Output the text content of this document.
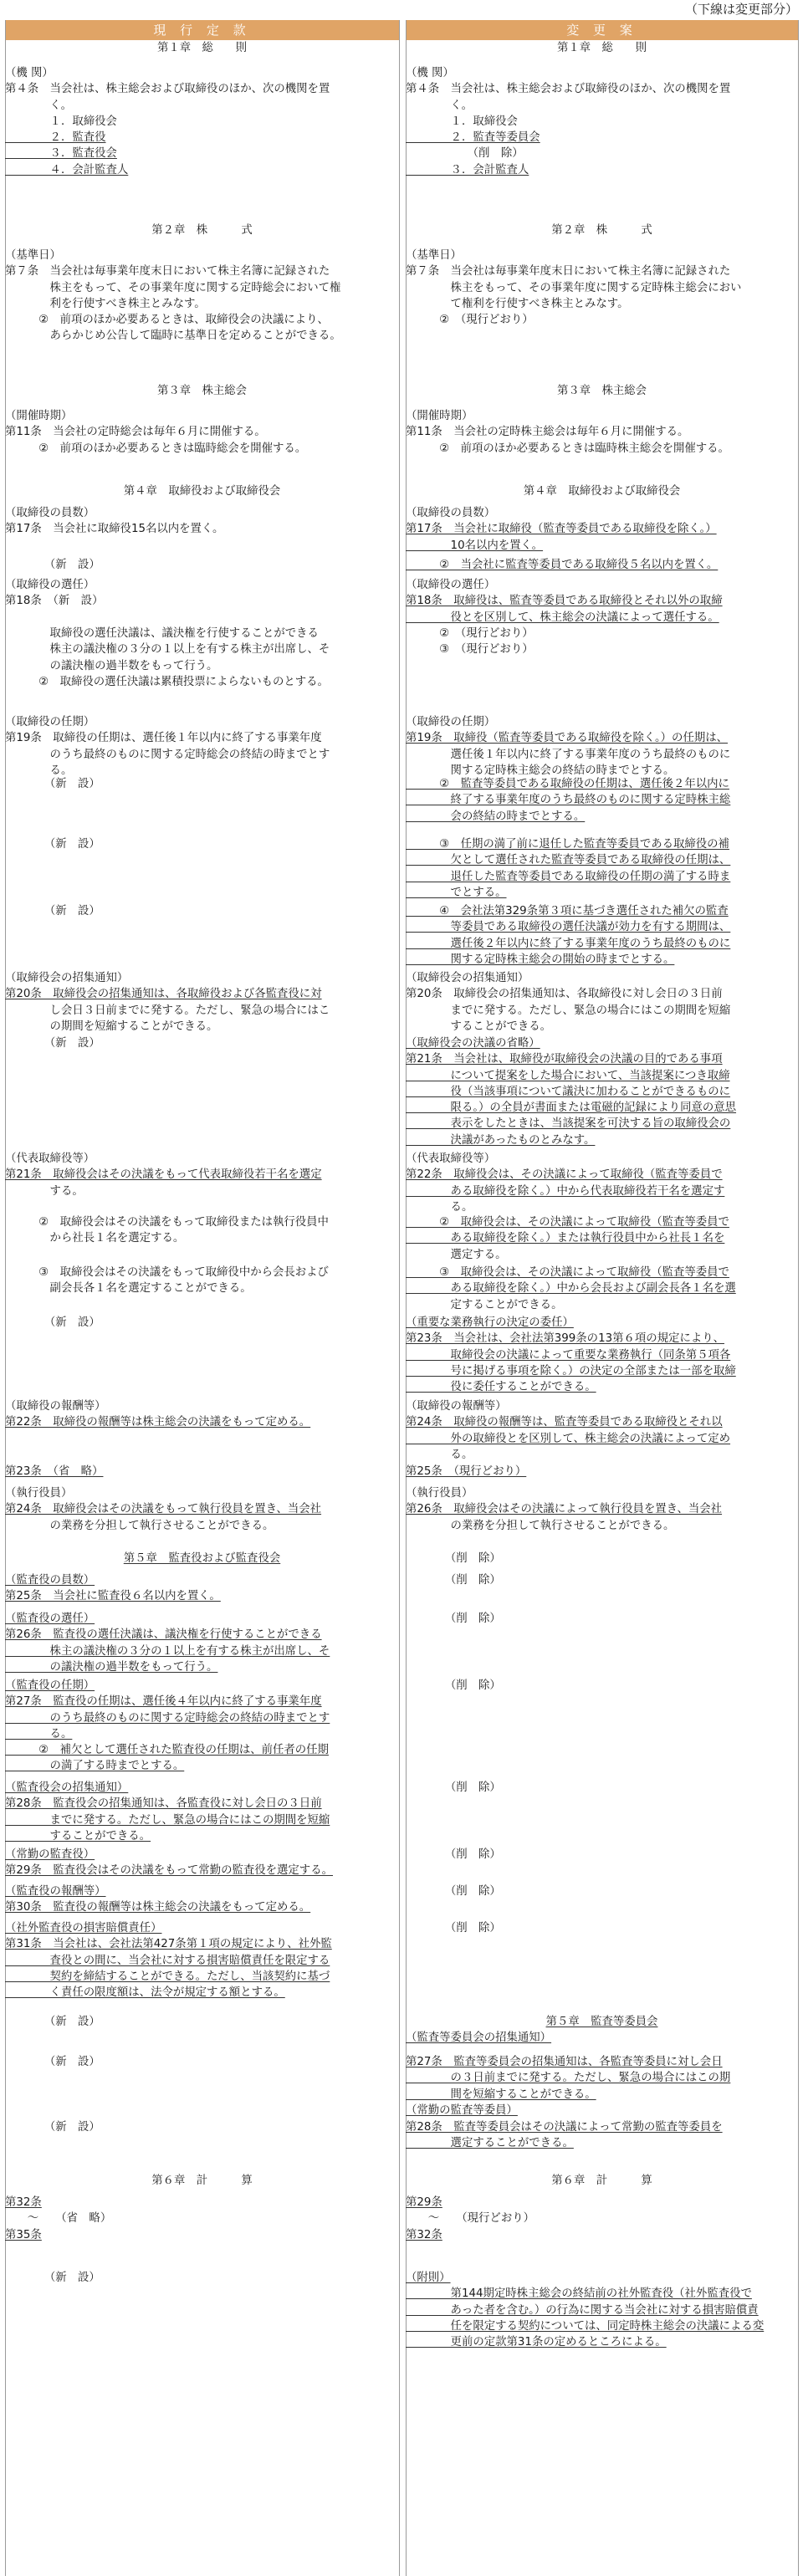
（下線は変更部分）
現 行 定 款	変 更 案
第１章　総　　則
（機 関）
第４条　当会社は、株主総会および取締役のほか、次の機関を置
　　　　く。
　　　　１．取締役会
　　　　２．監査役
　　　　３．監査役会
　　　　４．会計監査人
第２章　株　　　式
（基準日）
第７条　当会社は毎事業年度末日において株主名簿に記録された
　　　　株主をもって、その事業年度に関する定時総会において権
　　　　利を行使すべき株主とみなす。
　　　②　前項のほか必要あるときは、取締役会の決議により、
　　　　あらかじめ公告して臨時に基準日を定めることができる。
第３章　株主総会
（開催時期）
第11条　当会社の定時総会は毎年６月に開催する。
　　　②　前項のほか必要あるときは臨時総会を開催する。
第４章　取締役および取締役会
（取締役の員数）
第17条　当会社に取締役15名以内を置く。
　　　　（新　設）
（取締役の選任）
第18条　（新　設）
　　　　取締役の選任決議は、議決権を行使することができる
　　　　株主の議決権の３分の１以上を有する株主が出席し、そ
　　　　の議決権の過半数をもって行う。
　　　②　取締役の選任決議は累積投票によらないものとする。
（取締役の任期）
第19条　取締役の任期は、選任後１年以内に終了する事業年度
　　　　のうち最終のものに関する定時総会の終結の時までとす
　　　　る。
　　　　（新　設）
　　　　（新　設）
　　　　（新　設）
（取締役会の招集通知）
第20条　取締役会の招集通知は、各取締役および各監査役に対
　　　　し会日３日前までに発する。ただし、緊急の場合にはこ
　　　　の期間を短縮することができる。
　　　　（新　設）
（代表取締役等）
第21条　取締役会はその決議をもって代表取締役若干名を選定
　　　　する。
　　　②　取締役会はその決議をもって取締役または執行役員中
　　　　から社長１名を選定する。
　　　③　取締役会はその決議をもって取締役中から会長および
　　　　副会長各１名を選定することができる。
　　　　（新　設）
（取締役の報酬等）
第22条　取締役の報酬等は株主総会の決議をもって定める。
第23条　（省　略）
（執行役員）
第24条　取締役会はその決議をもって執行役員を置き、当会社
　　　　の業務を分担して執行させることができる。
第５章　監査役および監査役会
（監査役の員数）
第25条　当会社に監査役６名以内を置く。
（監査役の選任）
第26条　監査役の選任決議は、議決権を行使することができる
　　　　株主の議決権の３分の１以上を有する株主が出席し、そ
　　　　の議決権の過半数をもって行う。
（監査役の任期）
第27条　監査役の任期は、選任後４年以内に終了する事業年度
　　　　のうち最終のものに関する定時総会の終結の時までとす
　　　　る。
　　　②　補欠として選任された監査役の任期は、前任者の任期
　　　　の満了する時までとする。
（監査役会の招集通知）
第28条　監査役会の招集通知は、各監査役に対し会日の３日前
　　　　までに発する。ただし、緊急の場合にはこの期間を短縮
　　　　することができる。
（常勤の監査役）
第29条　監査役会はその決議をもって常勤の監査役を選定する。
（監査役の報酬等）
第30条　監査役の報酬等は株主総会の決議をもって定める。
（社外監査役の損害賠償責任）
第31条　当会社は、会社法第427条第１項の規定により、社外監
　　　　査役との間に、当会社に対する損害賠償責任を限定する
　　　　契約を締結することができる。ただし、当該契約に基づ
　　　　く責任の限度額は、法令が規定する額とする。
　　　　（新　設）
　　　　（新　設）
　　　　（新　設）
第６章　計　　　算
第32条
　　～　　（省　略）
第35条
　　　　（新　設）
第１章　総　　則
（機 関）
第４条　当会社は、株主総会および取締役のほか、次の機関を置
　　　　く。
　　　　１．取締役会
　　　　２．監査等委員会
　　　　　　（削　除）
　　　　３．会計監査人
第２章　株　　　式
（基準日）
第７条　当会社は毎事業年度末日において株主名簿に記録された
　　　　株主をもって、その事業年度に関する定時株主総会におい
　　　　て権利を行使すべき株主とみなす。
　　　②　（現行どおり）
第３章　株主総会
（開催時期）
第11条　当会社の定時株主総会は毎年６月に開催する。
　　　②　前項のほか必要あるときは臨時株主総会を開催する。
第４章　取締役および取締役会
（取締役の員数）
第17条　当会社に取締役（監査等委員である取締役を除く。）
　　　　10名以内を置く。
　　　②　当会社に監査等委員である取締役５名以内を置く。
（取締役の選任）
第18条　取締役は、監査等委員である取締役とそれ以外の取締
　　　　役とを区別して、株主総会の決議によって選任する。
　　　②　（現行どおり）
　　　③　（現行どおり）
（取締役の任期）
第19条　取締役（監査等委員である取締役を除く。）の任期は、
　　　　選任後１年以内に終了する事業年度のうち最終のものに
　　　　関する定時株主総会の終結の時までとする。
　　　②　監査等委員である取締役の任期は、選任後２年以内に
　　　　終了する事業年度のうち最終のものに関する定時株主総
　　　　会の終結の時までとする。
　　　③　任期の満了前に退任した監査等委員である取締役の補
　　　　欠として選任された監査等委員である取締役の任期は、
　　　　退任した監査等委員である取締役の任期の満了する時ま
　　　　でとする。
　　　④　会社法第329条第３項に基づき選任された補欠の監査
　　　　等委員である取締役の選任決議が効力を有する期間は、
　　　　選任後２年以内に終了する事業年度のうち最終のものに
　　　　関する定時株主総会の開始の時までとする。
（取締役会の招集通知）
第20条　取締役会の招集通知は、各取締役に対し会日の３日前
　　　　までに発する。ただし、緊急の場合にはこの期間を短縮
　　　　することができる。
（取締役会の決議の省略）
第21条　当会社は、取締役が取締役会の決議の目的である事項
　　　　について提案をした場合において、当該提案につき取締
　　　　役（当該事項について議決に加わることができるものに
　　　　限る。）の全員が書面または電磁的記録により同意の意思
　　　　表示をしたときは、当該提案を可決する旨の取締役会の
　　　　決議があったものとみなす。
（代表取締役等）
第22条　取締役会は、その決議によって取締役（監査等委員で
　　　　ある取締役を除く。）中から代表取締役若干名を選定す
　　　　る。
　　　②　取締役会は、その決議によって取締役（監査等委員で
　　　　ある取締役を除く。）または執行役員中から社長１名を
　　　　選定する。
　　　③　取締役会は、その決議によって取締役（監査等委員で
　　　　ある取締役を除く。）中から会長および副会長各１名を選
　　　　定することができる。
（重要な業務執行の決定の委任）
第23条　当会社は、会社法第399条の13第６項の規定により、
　　　　取締役会の決議によって重要な業務執行（同条第５項各
　　　　号に掲げる事項を除く。）の決定の全部または一部を取締
　　　　役に委任することができる。
（取締役の報酬等）
第24条　取締役の報酬等は、監査等委員である取締役とそれ以
　　　　外の取締役とを区別して、株主総会の決議によって定め
　　　　る。
第25条　（現行どおり）
（執行役員）
第26条　取締役会はその決議によって執行役員を置き、当会社
　　　　の業務を分担して執行させることができる。
　　　　（削　除）
　　　　（削　除）
　　　　（削　除）
　　　　（削　除）
　　　　（削　除）
　　　　（削　除）
　　　　（削　除）
　　　　（削　除）
第５章　監査等委員会
（監査等委員会の招集通知）
第27条　監査等委員会の招集通知は、各監査等委員に対し会日
　　　　の３日前までに発する。ただし、緊急の場合にはこの期
　　　　間を短縮することができる。
（常勤の監査等委員）
第28条　監査等委員会はその決議によって常勤の監査等委員を
　　　　選定することができる。
第６章　計　　　算
第29条
　　～　　（現行どおり）
第32条
（附則）
　　　　第144期定時株主総会の終結前の社外監査役（社外監査役で
　　　　あった者を含む。）の行為に関する当会社に対する損害賠償責
　　　　任を限定する契約については、同定時株主総会の決議による変
　　　　更前の定款第31条の定めるところによる。
